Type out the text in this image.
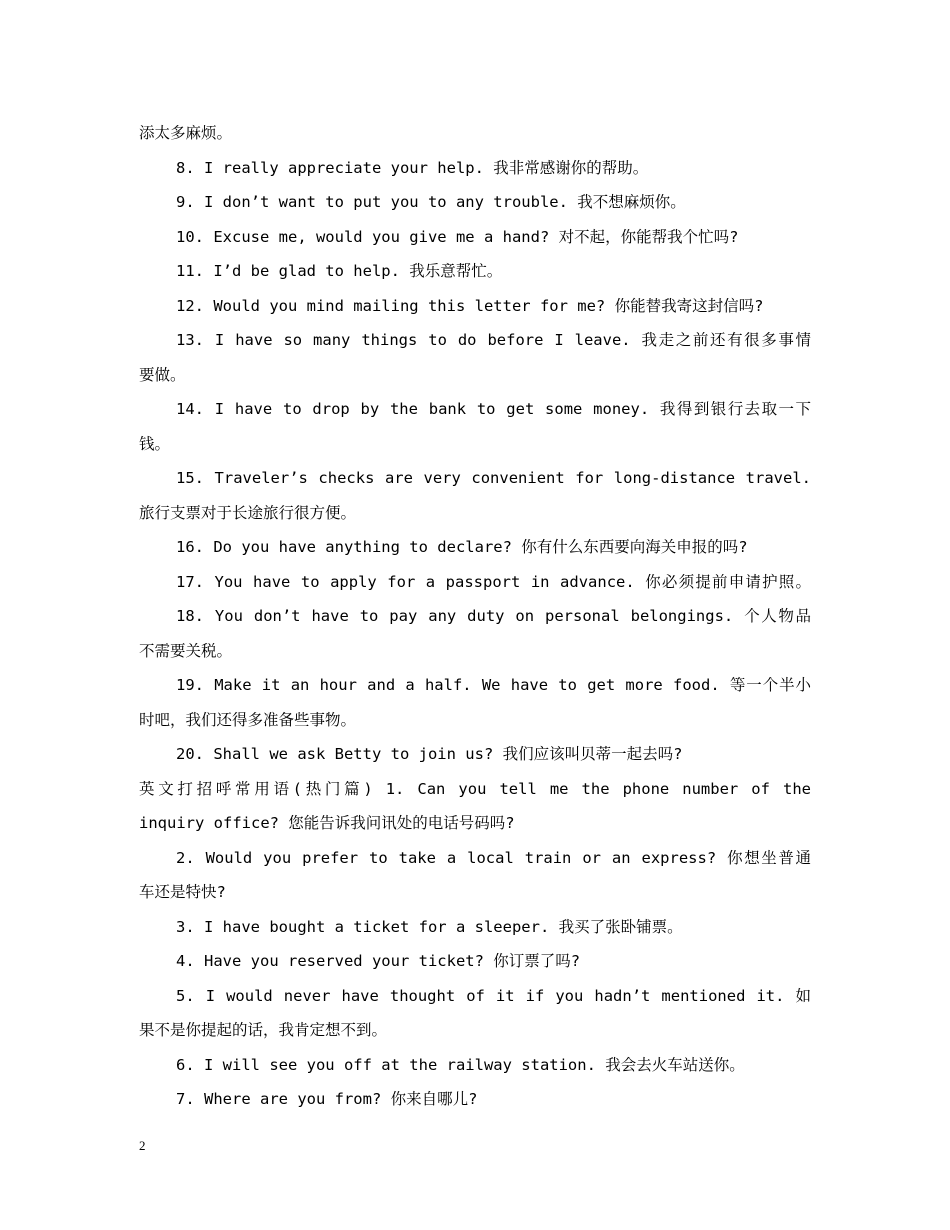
添太多麻烦。
8. I really appreciate your help. 我非常感谢你的帮助。
9. I don’t want to put you to any trouble. 我不想麻烦你。
10. Excuse me, would you give me a hand? 对不起，你能帮我个忙吗?
11. I’d be glad to help. 我乐意帮忙。
12. Would you mind mailing this letter for me? 你能替我寄这封信吗?
13. I have so many things to do before I leave. 我走之前还有很多事情
要做。
14. I have to drop by the bank to get some money. 我得到银行去取一下
钱。
15. Traveler’s checks are very convenient for long-distance travel.
旅行支票对于长途旅行很方便。
16. Do you have anything to declare? 你有什么东西要向海关申报的吗?
17. You have to apply for a passport in advance. 你必须提前申请护照。
18. You don’t have to pay any duty on personal belongings. 个人物品
不需要关税。
19. Make it an hour and a half. We have to get more food. 等一个半小
时吧，我们还得多准备些事物。
20. Shall we ask Betty to join us? 我们应该叫贝蒂一起去吗?
英文打招呼常用语(热门篇) 1. Can you tell me the phone number of the
inquiry office? 您能告诉我问讯处的电话号码吗?
2. Would you prefer to take a local train or an express? 你想坐普通
车还是特快?
3. I have bought a ticket for a sleeper. 我买了张卧铺票。
4. Have you reserved your ticket? 你订票了吗?
5. I would never have thought of it if you hadn’t mentioned it. 如
果不是你提起的话，我肯定想不到。
6. I will see you off at the railway station. 我会去火车站送你。
7. Where are you from? 你来自哪儿?
2
